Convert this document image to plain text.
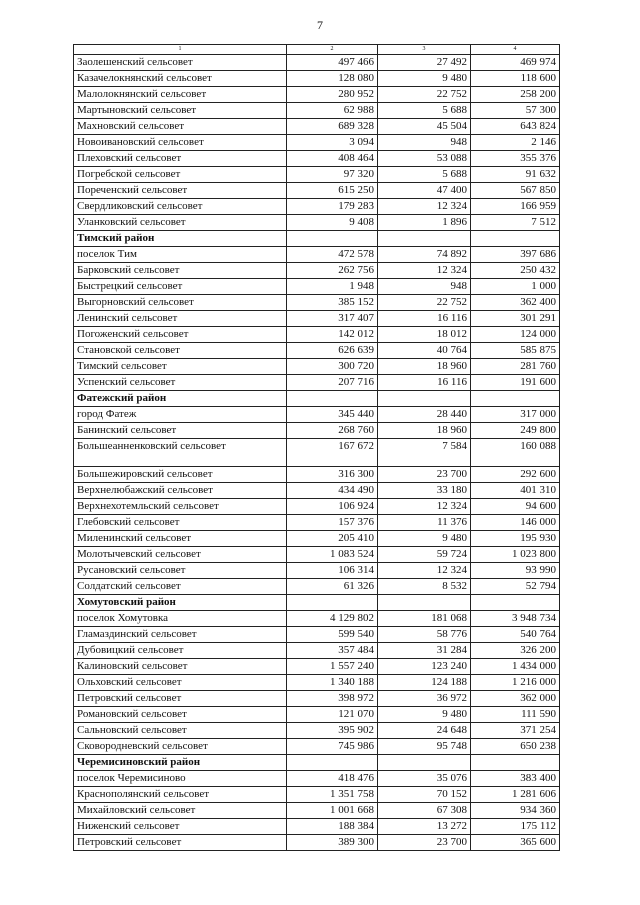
7
1	2	3	4
Заолешенский сельсовет	497 466	27 492	469 974
Казачелокнянский сельсовет	128 080	9 480	118 600
Малолокнянский сельсовет	280 952	22 752	258 200
Мартыновский сельсовет	62 988	5 688	57 300
Махновский сельсовет	689 328	45 504	643 824
Новоивановский сельсовет	3 094	948	2 146
Плеховский сельсовет	408 464	53 088	355 376
Погребской сельсовет	97 320	5 688	91 632
Пореченский сельсовет	615 250	47 400	567 850
Свердликовский сельсовет	179 283	12 324	166 959
Уланковский сельсовет	9 408	1 896	7 512
Тимский район			
поселок Тим	472 578	74 892	397 686
Барковский сельсовет	262 756	12 324	250 432
Быстрецкий сельсовет	1 948	948	1 000
Выгорновский сельсовет	385 152	22 752	362 400
Ленинский сельсовет	317 407	16 116	301 291
Погоженский сельсовет	142 012	18 012	124 000
Становской сельсовет	626 639	40 764	585 875
Тимский сельсовет	300 720	18 960	281 760
Успенский сельсовет	207 716	16 116	191 600
Фатежский район			
город Фатеж	345 440	28 440	317 000
Банинский сельсовет	268 760	18 960	249 800
Большеанненковский сельсовет	167 672	7 584	160 088
Большежировский сельсовет	316 300	23 700	292 600
Верхнелюбажский сельсовет	434 490	33 180	401 310
Верхнехотемльский сельсовет	106 924	12 324	94 600
Глебовский сельсовет	157 376	11 376	146 000
Миленинский сельсовет	205 410	9 480	195 930
Молотычевский сельсовет	1 083 524	59 724	1 023 800
Русановский сельсовет	106 314	12 324	93 990
Солдатский сельсовет	61 326	8 532	52 794
Хомутовский район			
поселок Хомутовка	4 129 802	181 068	3 948 734
Гламаздинский сельсовет	599 540	58 776	540 764
Дубовицкий сельсовет	357 484	31 284	326 200
Калиновский сельсовет	1 557 240	123 240	1 434 000
Ольховский сельсовет	1 340 188	124 188	1 216 000
Петровский сельсовет	398 972	36 972	362 000
Романовский сельсовет	121 070	9 480	111 590
Сальновский сельсовет	395 902	24 648	371 254
Сковородневский сельсовет	745 986	95 748	650 238
Черемисиновский район			
поселок Черемисиново	418 476	35 076	383 400
Краснополянский сельсовет	1 351 758	70 152	1 281 606
Михайловский сельсовет	1 001 668	67 308	934 360
Ниженский сельсовет	188 384	13 272	175 112
Петровский сельсовет	389 300	23 700	365 600
